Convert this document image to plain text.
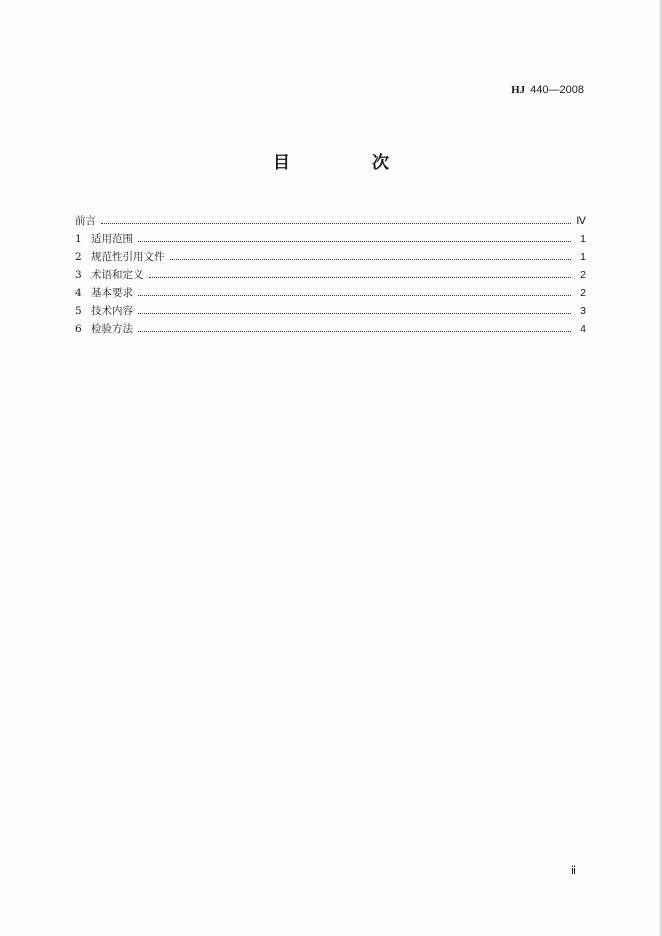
HJ 440—2008
目 次
前言	Ⅳ
1 适用范围	1
2 规范性引用文件	1
3 术语和定义	2
4 基本要求	2
5 技术内容	3
6 检验方法	4
ⅱ
